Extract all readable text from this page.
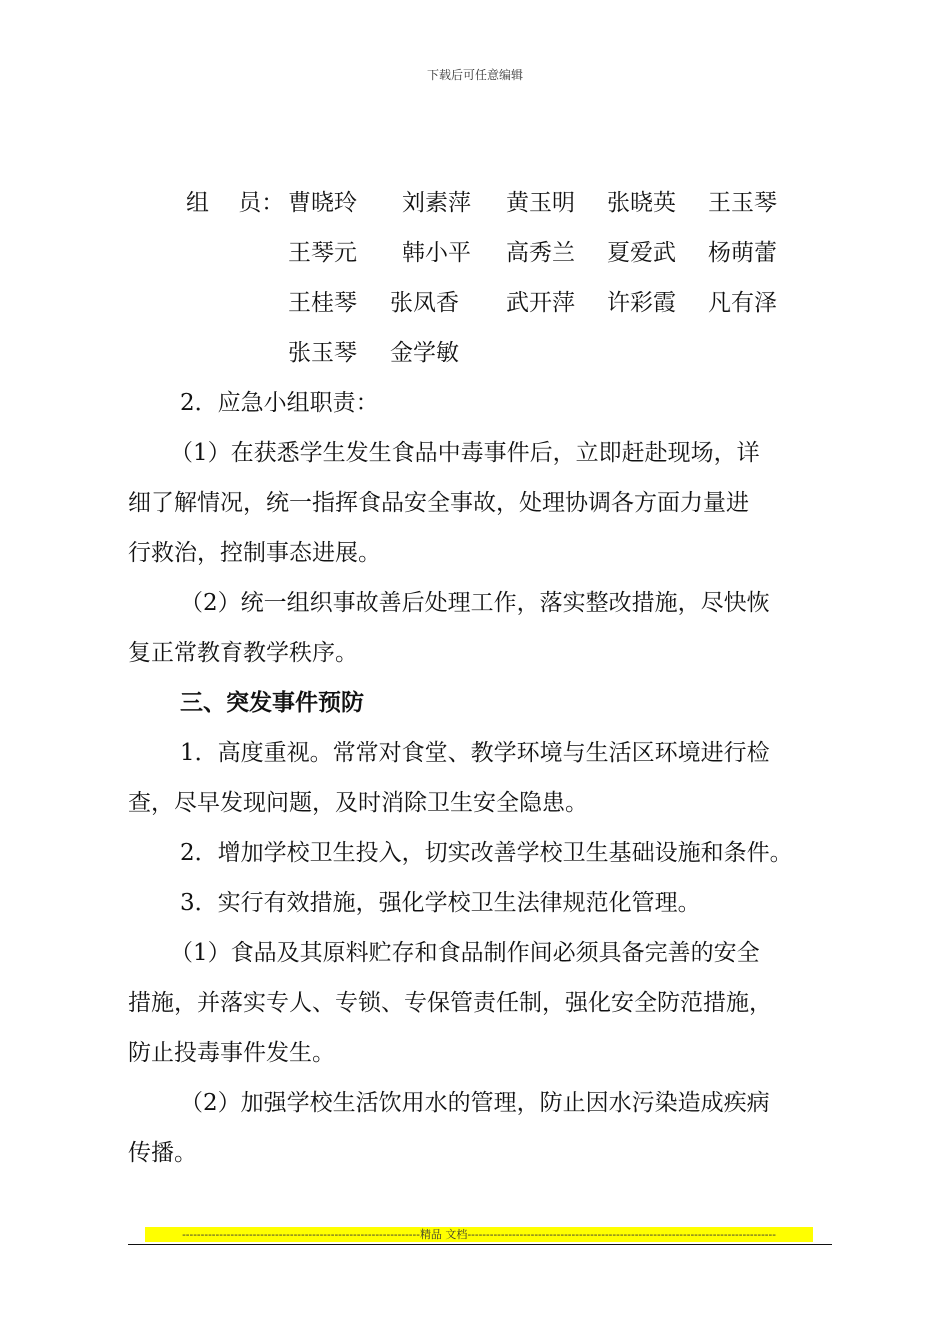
下载后可任意编辑
组    员： 曹晓玲 刘素萍 黄玉明 张晓英 王玉琴
王琴元 韩小平 高秀兰 夏爱武 杨萌蕾
王桂琴 张凤香 武开萍 许彩霞 凡有泽
张玉琴 金学敏
2．应急小组职责：
（1）在获悉学生发生食品中毒事件后，立即赶赴现场，详
细了解情况，统一指挥食品安全事故，处理协调各方面力量进
行救治，控制事态进展。
（2）统一组织事故善后处理工作，落实整改措施，尽快恢
复正常教育教学秩序。
三、突发事件预防
1．高度重视。常常对食堂、教学环境与生活区环境进行检
查，尽早发现问题，及时消除卫生安全隐患。
2．增加学校卫生投入，切实改善学校卫生基础设施和条件。
3．实行有效措施，强化学校卫生法律规范化管理。
（1）食品及其原料贮存和食品制作间必须具备完善的安全
措施，并落实专人、专锁、专保管责任制，强化安全防范措施，
防止投毒事件发生。
（2）加强学校生活饮用水的管理，防止因水污染造成疾病
传播。
----------------------------------------------------------------精品 文档-----------------------------------------------------------------------------------
